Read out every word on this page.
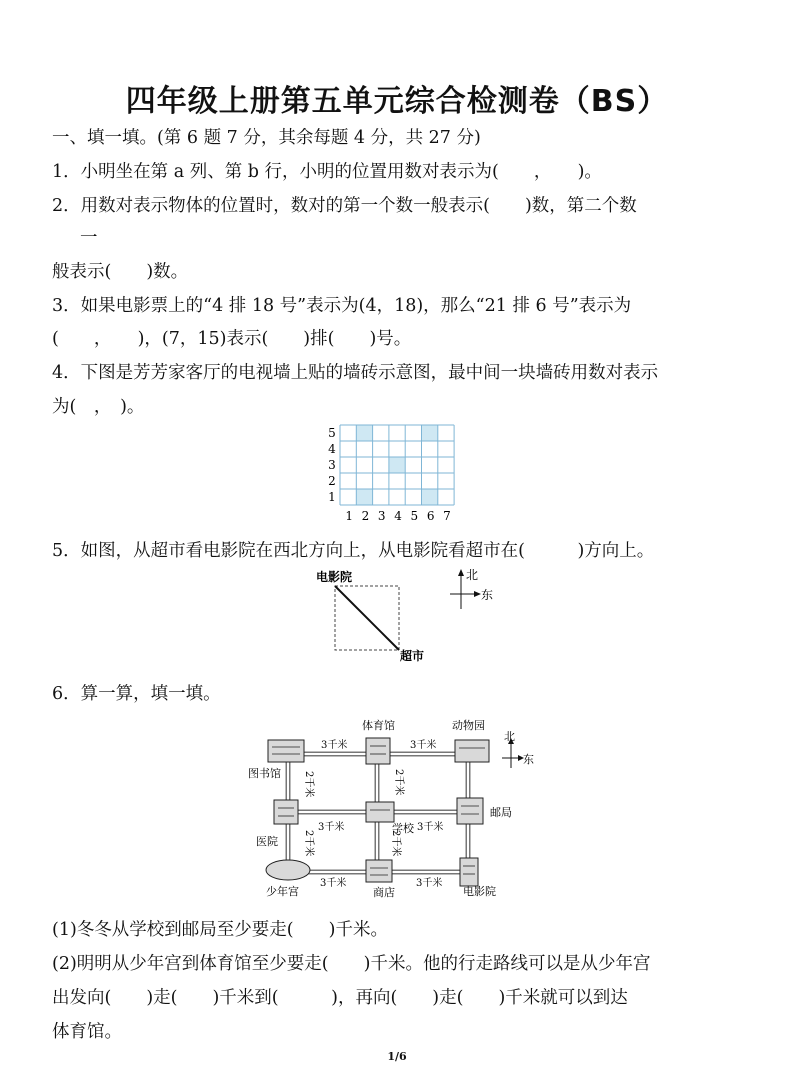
四年级上册第五单元综合检测卷（BS）
一、填一填。(第 6 题 7 分，其余每题 4 分，共 27 分)
1．小明坐在第 a 列、第 b 行，小明的位置用数对表示为(　　，　　)。
2．用数对表示物体的位置时，数对的第一个数一般表示(　　)数，第二个数
一
般表示(　　)数。
3．如果电影票上的“4 排 18 号”表示为(4，18)，那么“21 排 6 号”表示为
(　　，　　)，(7，15)表示(　　)排(　　)号。
4．下图是芳芳家客厅的电视墙上贴的墙砖示意图，最中间一块墙砖用数对表示
为(　，　)。
1 2 3 4 5 6 7
5
4
3
2
1
5．如图，从超市看电影院在西北方向上，从电影院看超市在(　　　)方向上。
电影院
超市
北
东
6．算一算，填一填。
体育馆	动物园
图书馆
医院
学校
邮局
少年宫	商店	电影院
3千米	3千米
3千米	3千米
3千米	3千米
2千米	2千米
2千米	2千米
北
东
(1)冬冬从学校到邮局至少要走(　　)千米。
(2)明明从少年宫到体育馆至少要走(　　)千米。他的行走路线可以是从少年宫
出发向(　　)走(　　)千米到(　　　)，再向(　　)走(　　)千米就可以到达
体育馆。
1/6
